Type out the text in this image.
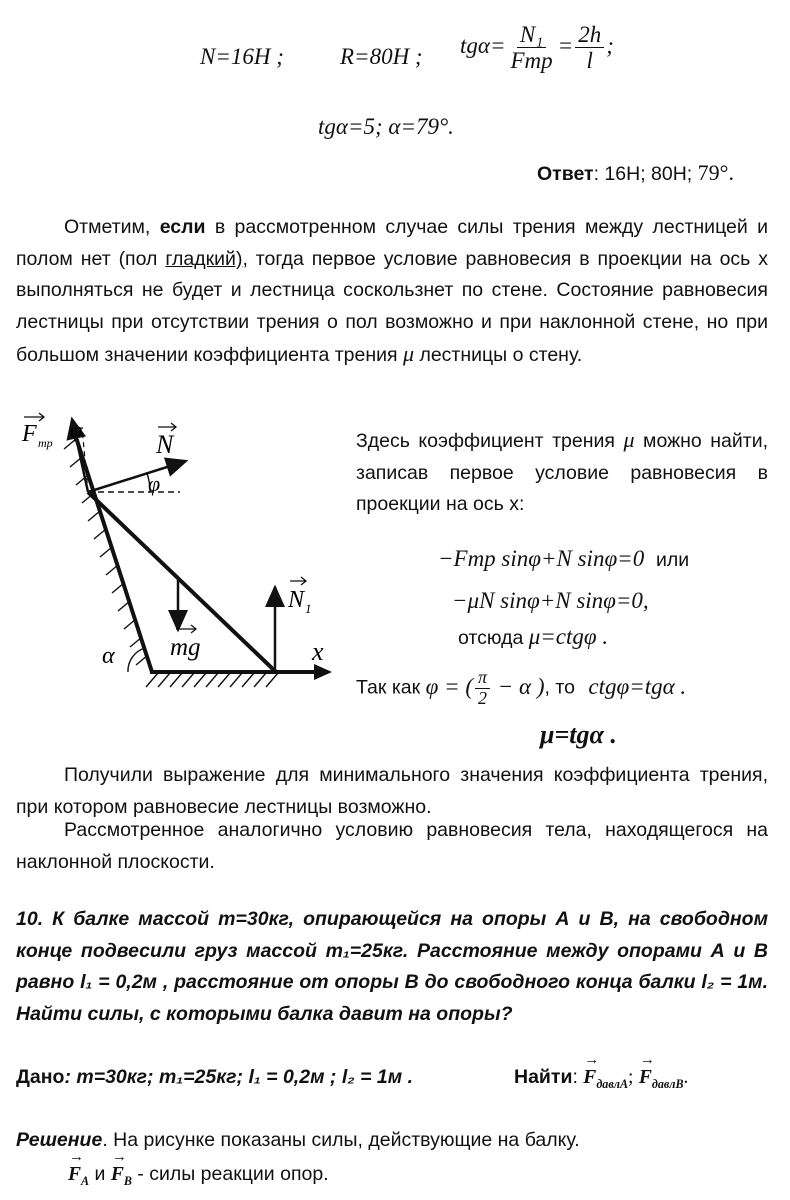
N=16H ; R=80H ; $tg\alpha= \frac{\text{N₁}}{\text{Fтр}} = \frac{2h}{l}$ ;
tgα=5; α=79°.
Ответ: 16Н; 80Н; 79°.
Отметим, если в рассмотренном случае силы трения между лестницей и полом нет (пол гладкий), тогда первое условие равновесия в проекции на ось x выполняться не будет и лестница соскользнет по стене. Состояние равновесия лестницы при отсутствии трения о пол возможно и при наклонной стене, но при большом значении коэффициента трения μ лестницы о стену.
F тр
φ
N
φ
mg
N 1
α	x
Здесь коэффициент трения μ можно найти, записав первое условие равновесия в проекции на ось x:
−Fтр sinφ+N sinφ=0 или
−μN sinφ+N sinφ=0,
отсюда μ=ctgφ .
Так как φ = ( $\frac{\pi}{2} - \alpha$ ), то ctgφ=tgα .
μ=tgα .
Получили выражение для минимального значения коэффициента трения, при котором равновесие лестницы возможно.
Рассмотренное аналогично условию равновесия тела, находящегося на наклонной плоскости.
10. К балке массой m=30кг, опирающейся на опоры А и В, на свободном конце подвесили груз массой m₁=25кг. Расстояние между опорами А и В равно l₁ = 0,2м , расстояние от опоры В до свободного конца балки l₂ = 1м. Найти силы, с которыми балка давит на опоры?
Дано: m=30кг; m₁=25кг; l₁ = 0,2м ; l₂ = 1м .	Найти: → $F_{давлA}$; → $F_{давлB}$.
Решение. На рисунке показаны силы, действующие на балку.
→ $F_A$ $и \to F_B$ - силы реакции опор.
